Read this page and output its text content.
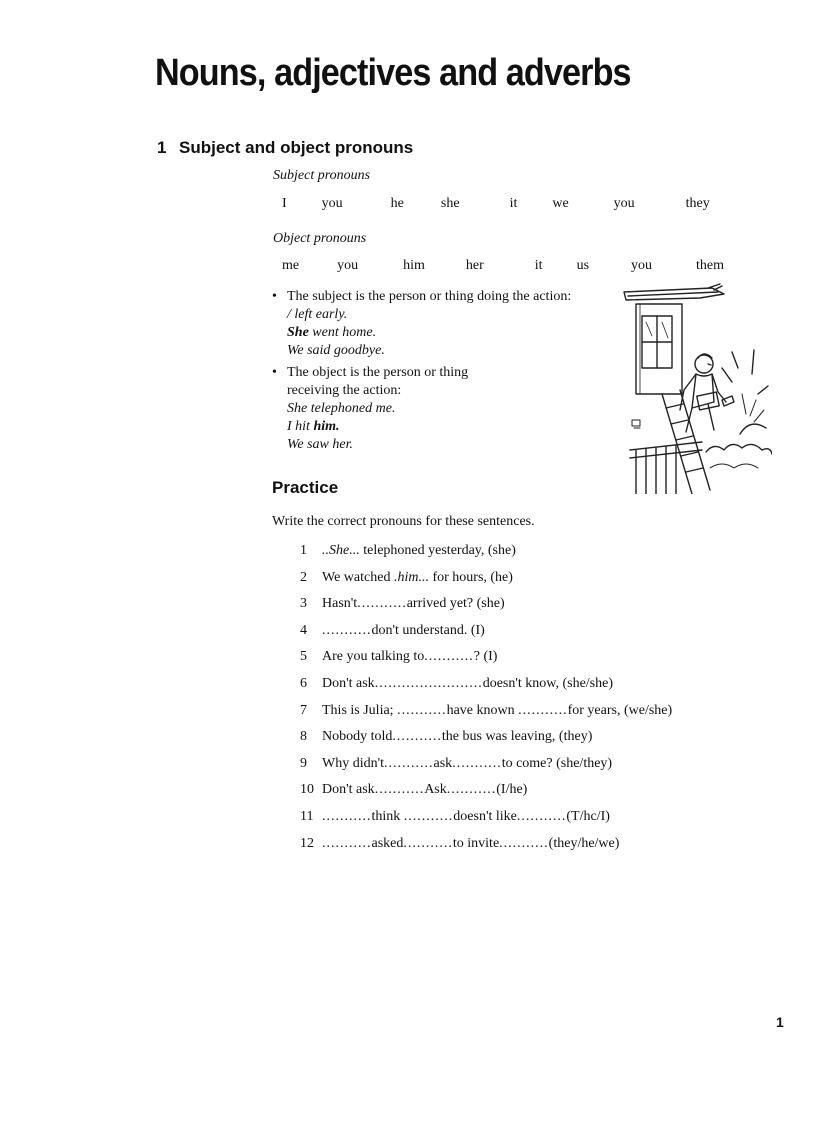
Nouns, adjectives and adverbs
1 Subject and object pronouns
Subject pronouns
I	you	he	she	it	we	you	they
Object pronouns
me	you	him	her	it us	you	them
• The subject is the person or thing doing the action:
/ left early.
She went home.
We said goodbye.
• The object is the person or thing
receiving the action:
She telephoned me.
I hit him.
We saw her.
Practice
Write the correct pronouns for these sentences.
1 ..She... telephoned yesterday, (she)
2 We watched .him... for hours, (he)
3 Hasn't...........arrived yet? (she)
4 ...........don't understand. (I)
5 Are you talking to...........? (I)
6 Don't ask........................doesn't know, (she/she)
7 This is Julia; ...........have known ...........for years, (we/she)
8 Nobody told...........the bus was leaving, (they)
9 Why didn't...........ask...........to come? (she/they)
10 Don't ask...........Ask...........(I/he)
11 ...........think ...........doesn't like...........(T/hc/I)
12 ...........asked...........to invite...........(they/he/we)
1
